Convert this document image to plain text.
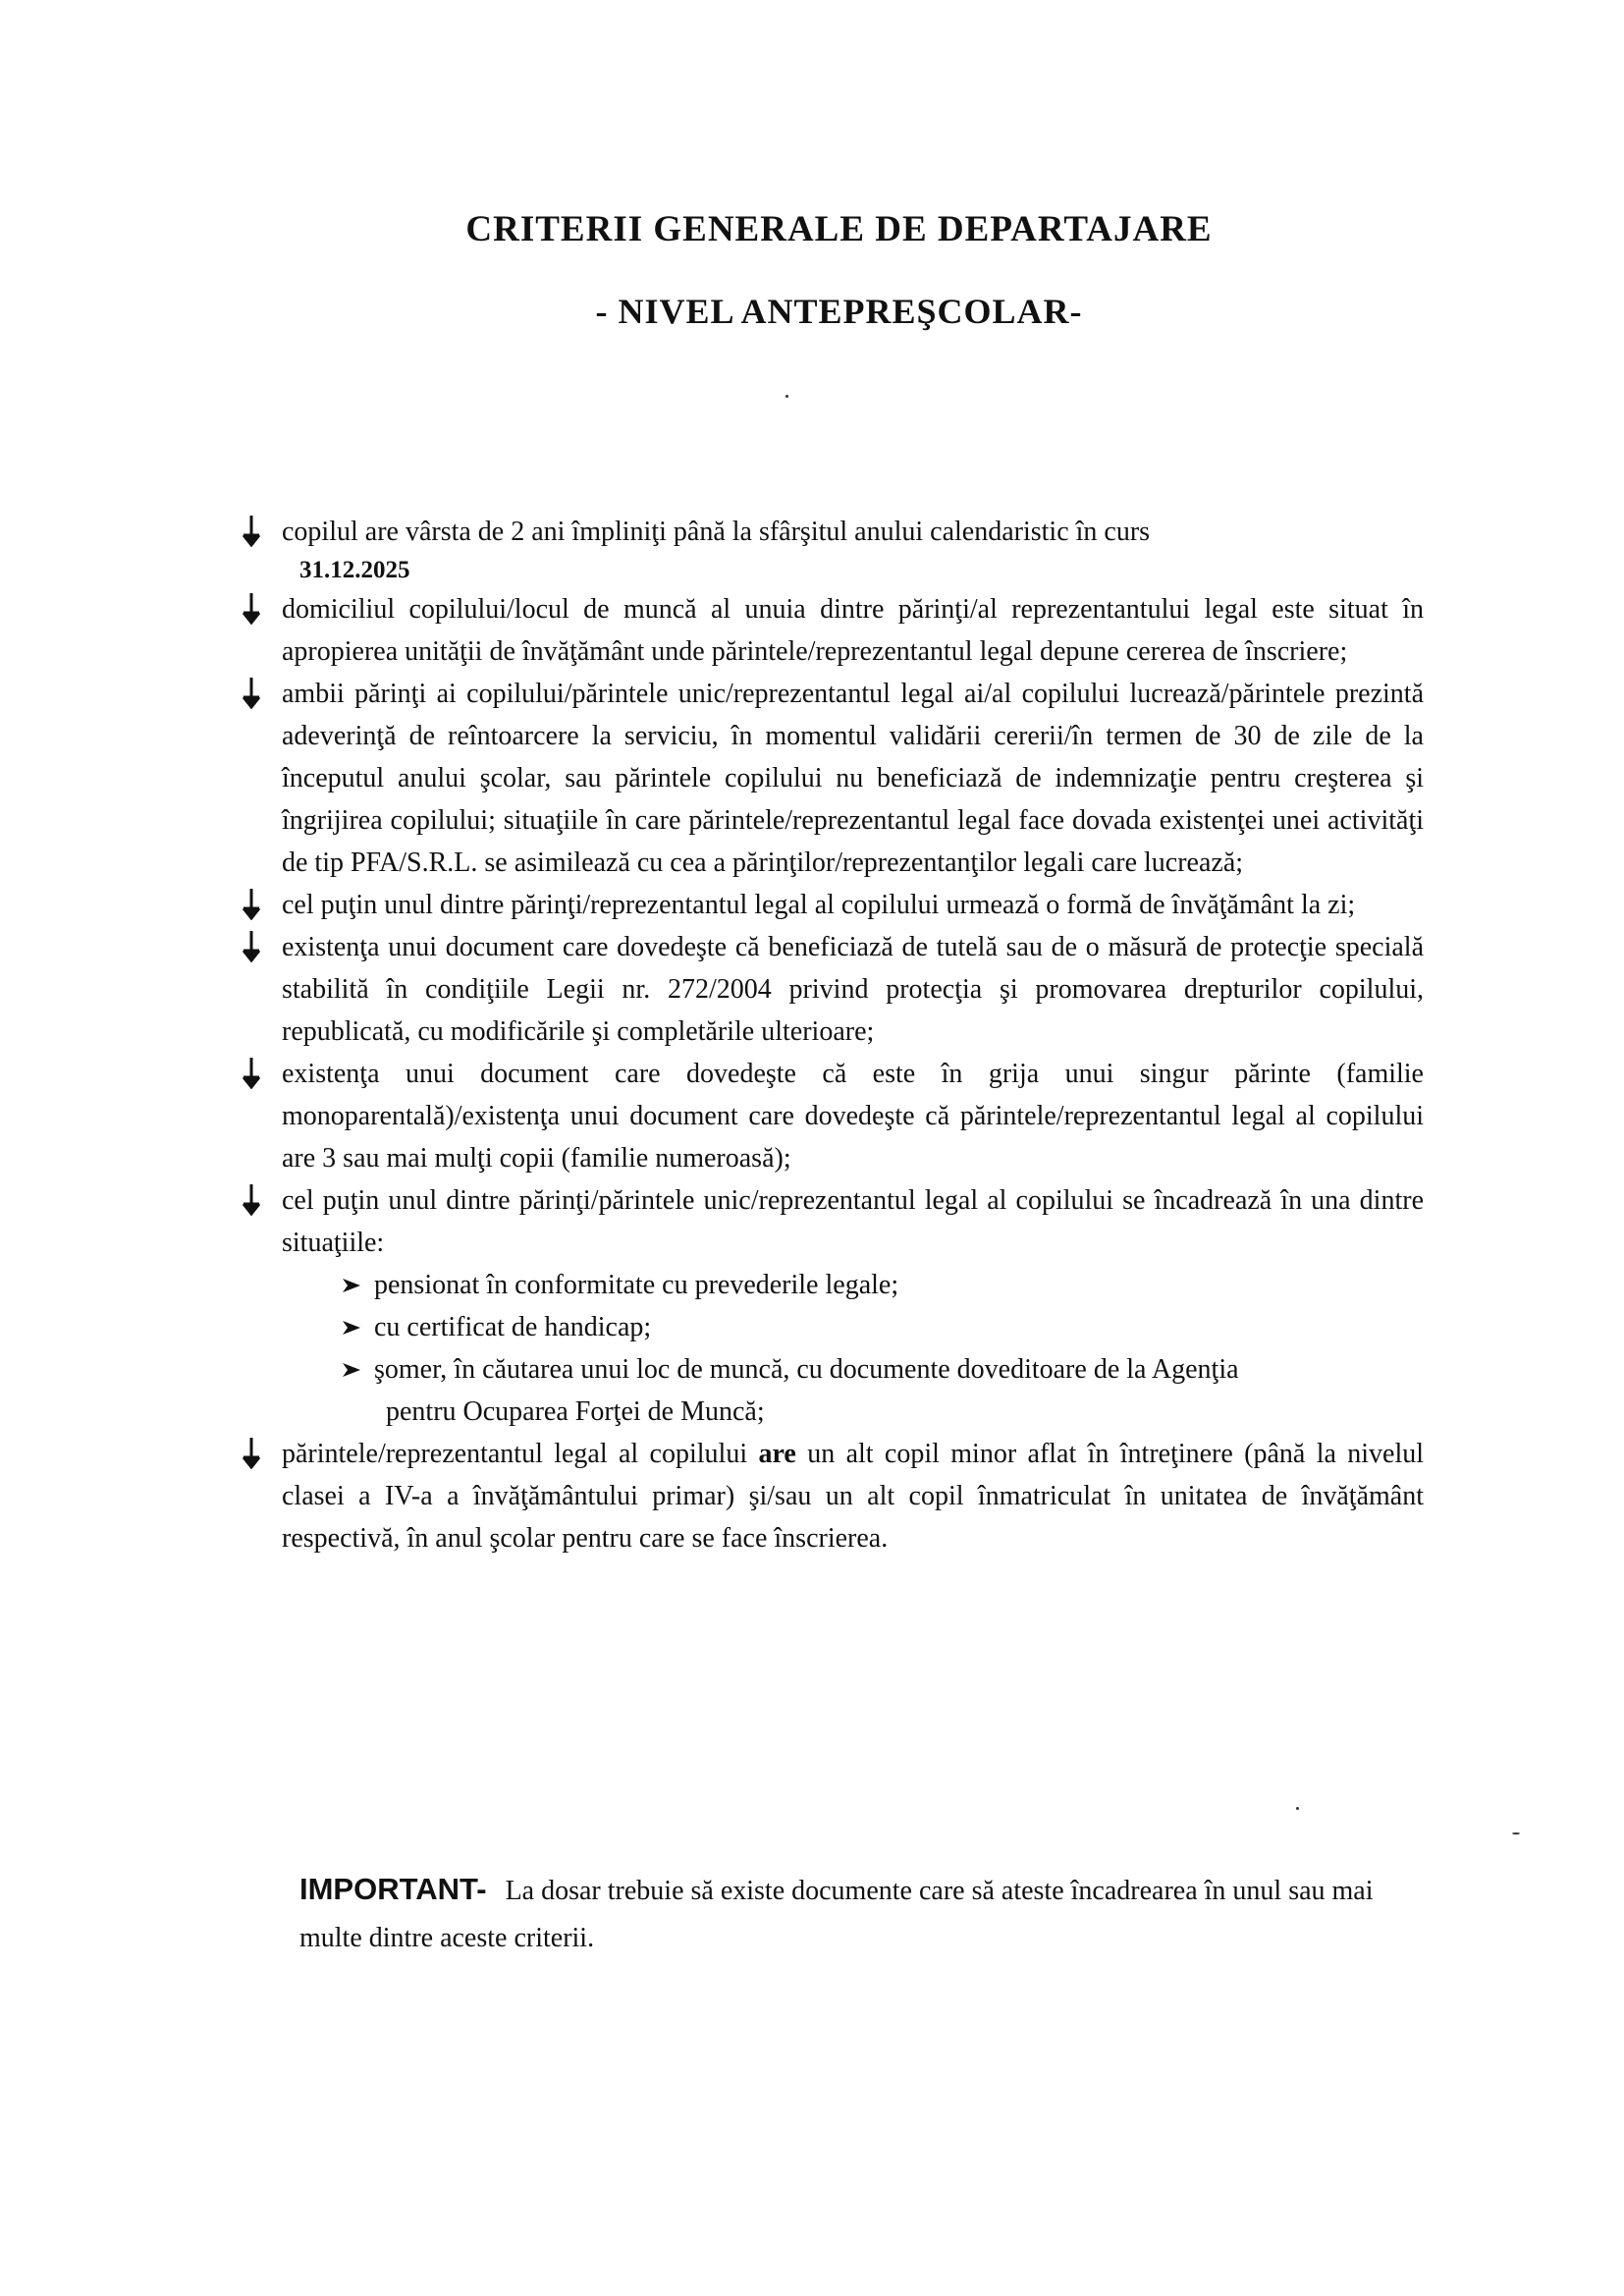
CRITERII GENERALE DE DEPARTAJARE
- NIVEL ANTEPREŞCOLAR-
copilul are vârsta de 2 ani împliniţi până la sfârşitul anului calendaristic în curs
31.12.2025
domiciliul copilului/locul de muncă al unuia dintre părinţi/al reprezentantului legal este situat în apropierea unităţii de învăţământ unde părintele/reprezentantul legal depune cererea de înscriere;
ambii părinţi ai copilului/părintele unic/reprezentantul legal ai/al copilului lucrează/părintele prezintă adeverinţă de reîntoarcere la serviciu, în momentul validării cererii/în termen de 30 de zile de la începutul anului şcolar, sau părintele copilului nu beneficiază de indemnizaţie pentru creşterea şi îngrijirea copilului; situaţiile în care părintele/reprezentantul legal face dovada existenţei unei activităţi de tip PFA/S.R.L. se asimilează cu cea a părinţilor/reprezentanţilor legali care lucrează;
cel puţin unul dintre părinţi/reprezentantul legal al copilului urmează o formă de învăţământ la zi;
existenţa unui document care dovedeşte că beneficiază de tutelă sau de o măsură de protecţie specială stabilită în condiţiile Legii nr. 272/2004 privind protecţia şi promovarea drepturilor copilului, republicată, cu modificările şi completările ulterioare;
existenţa unui document care dovedeşte că este în grija unui singur părinte (familie monoparentală)/existenţa unui document care dovedeşte că părintele/reprezentantul legal al copilului are 3 sau mai mulţi copii (familie numeroasă);
cel puţin unul dintre părinţi/părintele unic/reprezentantul legal al copilului se încadrează în una dintre situaţiile:
pensionat în conformitate cu prevederile legale;
cu certificat de handicap;
şomer, în căutarea unui loc de muncă, cu documente doveditoare de la Agenţia
pentru Ocuparea Forţei de Muncă;
părintele/reprezentantul legal al copilului are un alt copil minor aflat în întreţinere (până la nivelul clasei a IV-a a învăţământului primar) şi/sau un alt copil înmatriculat în unitatea de învăţământ respectivă, în anul şcolar pentru care se face înscrierea.
IMPORTANT- La dosar trebuie să existe documente care să ateste încadrearea în unul sau mai multe dintre aceste criterii.
